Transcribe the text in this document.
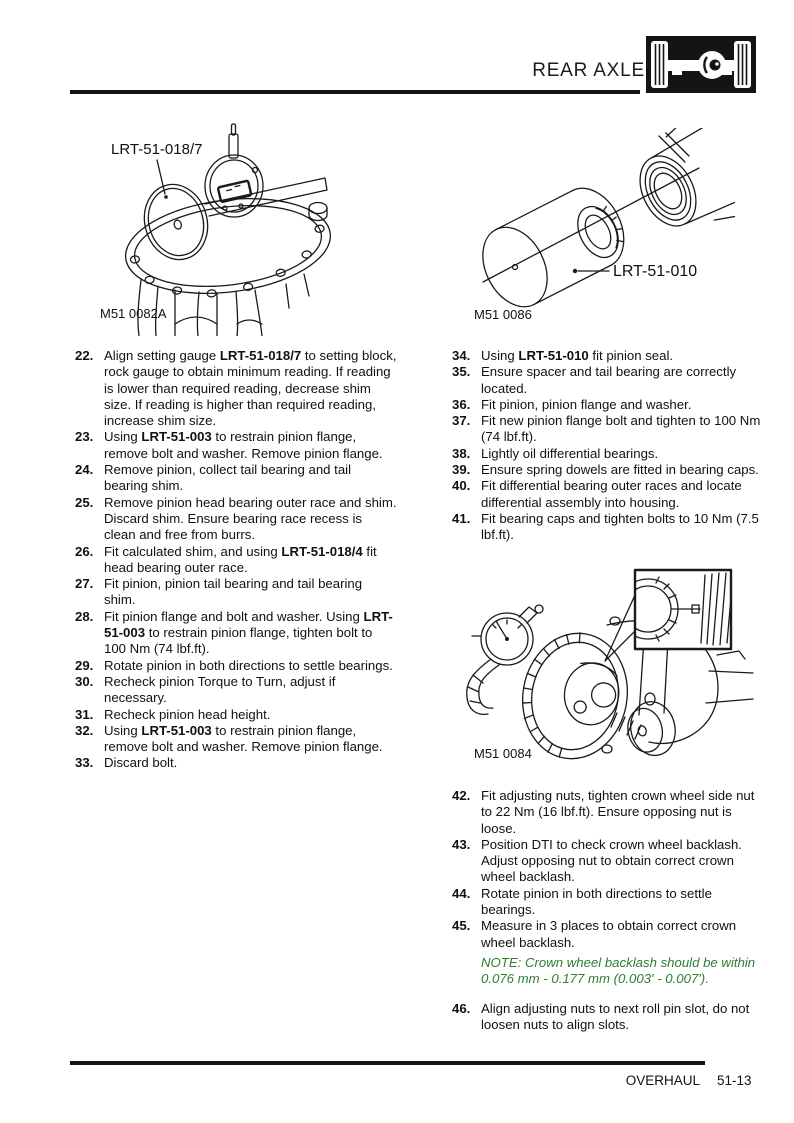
REAR AXLE
LRT-51-018/7
M51 0082A
LRT-51-010
M51 0086
M51 0084
22. Align setting gauge LRT-51-018/7 to setting block, rock gauge to obtain minimum reading. If reading is lower than required reading, decrease shim size. If reading is higher than required reading, increase shim size.
23. Using LRT-51-003 to restrain pinion flange, remove bolt and washer. Remove pinion flange.
24. Remove pinion, collect tail bearing and tail bearing shim.
25. Remove pinion head bearing outer race and shim. Discard shim. Ensure bearing race recess is clean and free from burrs.
26. Fit calculated shim, and using LRT-51-018/4 fit head bearing outer race.
27. Fit pinion, pinion tail bearing and tail bearing shim.
28. Fit pinion flange and bolt and washer. Using LRT-51-003 to restrain pinion flange, tighten bolt to 100 Nm (74 lbf.ft).
29. Rotate pinion in both directions to settle bearings.
30. Recheck pinion Torque to Turn, adjust if necessary.
31. Recheck pinion head height.
32. Using LRT-51-003 to restrain pinion flange, remove bolt and washer. Remove pinion flange.
33. Discard bolt.
34. Using LRT-51-010 fit pinion seal.
35. Ensure spacer and tail bearing are correctly located.
36. Fit pinion, pinion flange and washer.
37. Fit new pinion flange bolt and tighten to 100 Nm (74 lbf.ft).
38. Lightly oil differential bearings.
39. Ensure spring dowels are fitted in bearing caps.
40. Fit differential bearing outer races and locate differential assembly into housing.
41. Fit bearing caps and tighten bolts to 10 Nm (7.5 lbf.ft).
42. Fit adjusting nuts, tighten crown wheel side nut to 22 Nm (16 lbf.ft). Ensure opposing nut is loose.
43. Position DTI to check crown wheel backlash. Adjust opposing nut to obtain correct crown wheel backlash.
44. Rotate pinion in both directions to settle bearings.
45. Measure in 3 places to obtain correct crown wheel backlash.
NOTE: Crown wheel backlash should be within 0.076 mm - 0.177 mm (0.003' - 0.007').
46. Align adjusting nuts to next roll pin slot, do not loosen nuts to align slots.
OVERHAUL 51-13
